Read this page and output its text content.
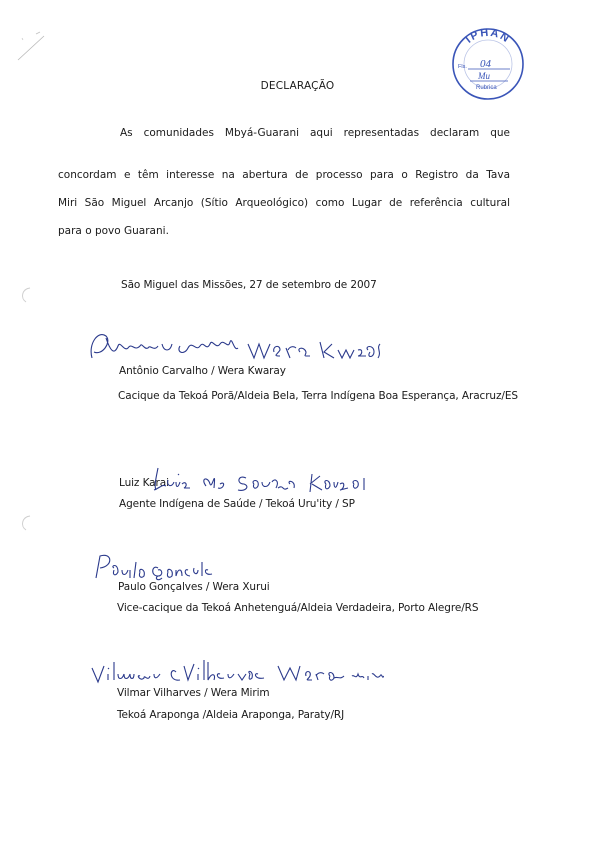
IPHAN
Fls. 04
Mu
Rubrica
DECLARAÇÃO
As comunidades Mbyá-Guarani aqui representadas declaram que
concordam e têm interesse na abertura de processo para o Registro da Tava
Miri São Miguel Arcanjo (Sítio Arqueológico) como Lugar de referência cultural
para o povo Guarani.
São Miguel das Missões, 27 de setembro de 2007
Antônio Carvalho / Wera Kwaray
Cacique da Tekoá Porã/Aldeia Bela, Terra Indígena Boa Esperança, Aracruz/ES
Luiz Karai
Agente Indígena de Saúde / Tekoá Uru'ity / SP
Paulo Gonçalves / Wera Xurui
Vice-cacique da Tekoá Anhetenguá/Aldeia Verdadeira, Porto Alegre/RS
Vilmar Vilharves / Wera Mirim
Tekoá Araponga /Aldeia Araponga, Paraty/RJ
